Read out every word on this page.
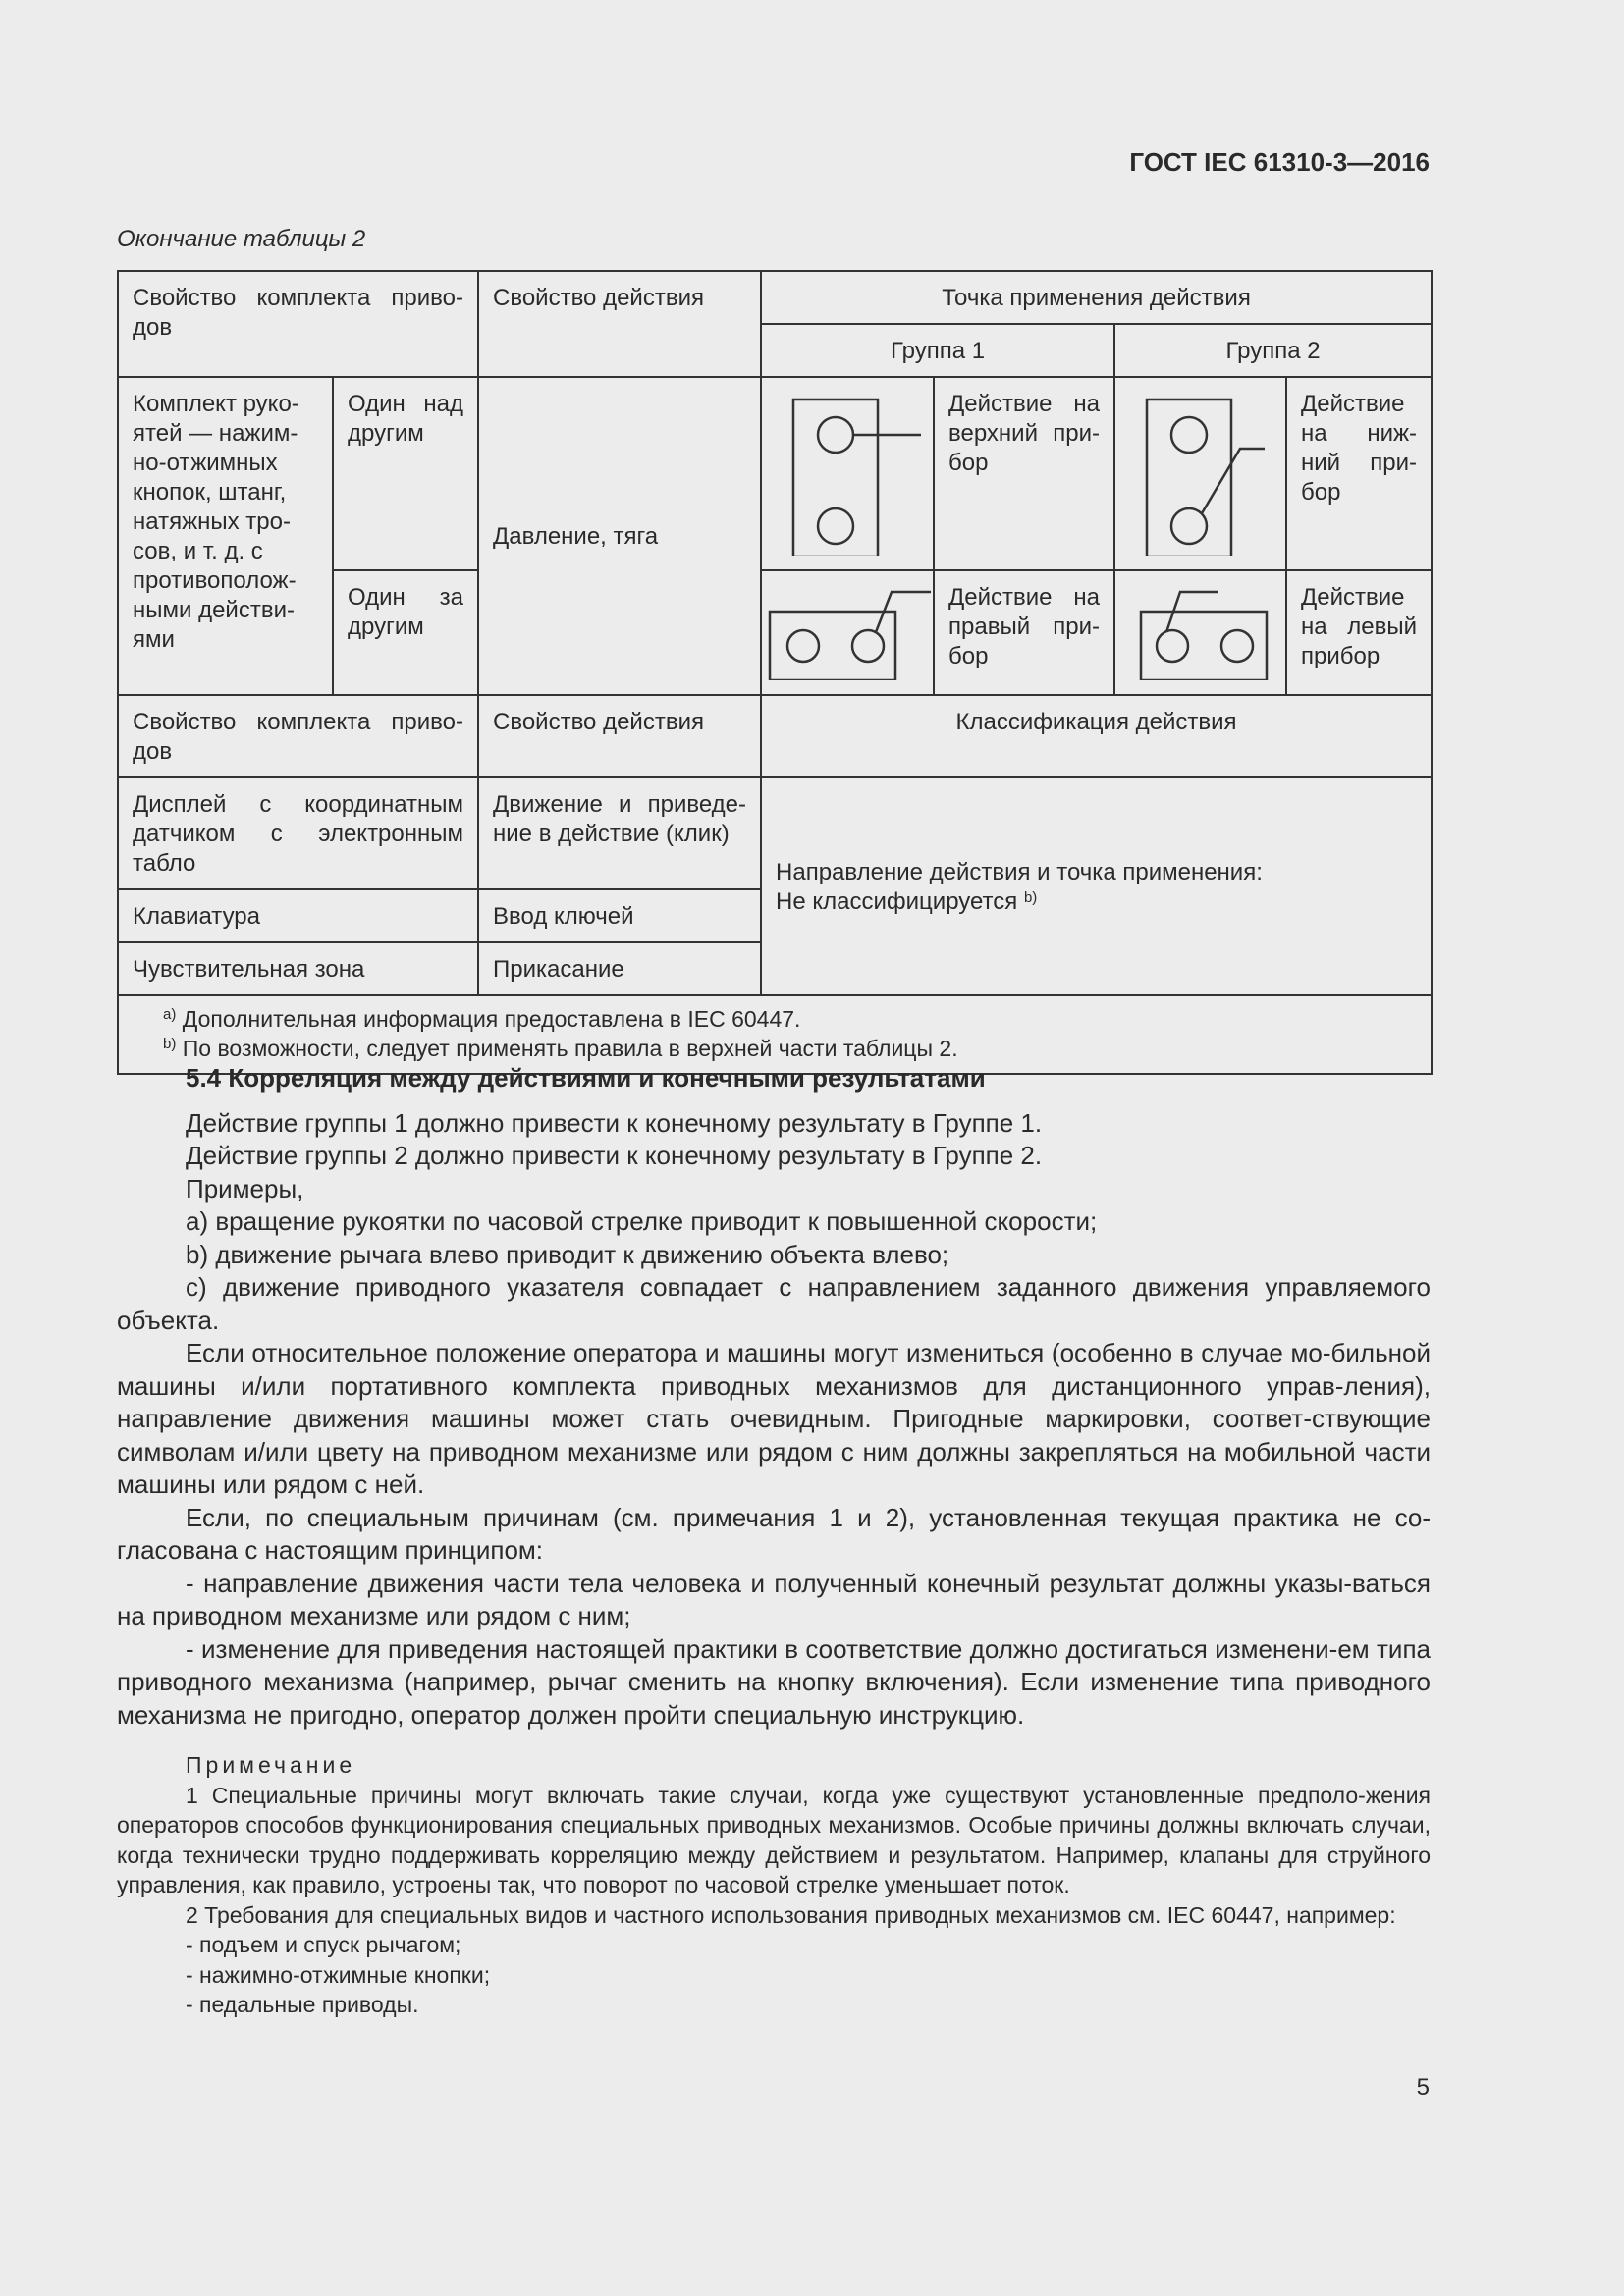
ГОСТ IEC 61310-3—2016
Окончание таблицы 2
Свойство комплекта приво-дов		Свойство действия	Точка применения действия			
			Группа 1		Группа 2	
Комплект руко-ятей — нажим-но-отжимных кнопок, штанг, натяжных тро-сов, и т. д. с противополож-ными действи-ями	Один над другим	Давление, тяга		Действие на верхний при-бор		Действие на ниж-ний при-бор
	Один за другим			Действие на правый при-бор		Действие на левый прибор
Свойство комплекта приво-дов		Свойство действия	Классификация действия			
Дисплей с координатным датчиком с электронным табло		Движение и приведе-ние в действие (клик)	Направление действия и точка применения:
Не классифицируется $^{b)}$
Клавиатура		Ввод ключей				
Чувствительная зона		Прикасание				

$^{a)}$ Дополнительная информация предоставлена в IEC 60447.
$^{b)}$ По возможности, следует применять правила в верхней части таблицы 2.						

5.4 Корреляция между действиями и конечными результатами

Действие группы 1 должно привести к конечному результату в Группе 1.

Действие группы 2 должно привести к конечному результату в Группе 2.

Примеры,

а) вращение рукоятки по часовой стрелке приводит к повышенной скорости;

b) движение рычага влево приводит к движению объекта влево;

с) движение приводного указателя совпадает с направлением заданного движения управляемого объекта.

Если относительное положение оператора и машины могут измениться (особенно в случае мо-бильной машины и/или портативного комплекта приводных механизмов для дистанционного управ-ления), направление движения машины может стать очевидным. Пригодные маркировки, соответ-ствующие символам и/или цвету на приводном механизме или рядом с ним должны закрепляться на мобильной части машины или рядом с ней.

Если, по специальным причинам (см. примечания 1 и 2), установленная текущая практика не со-гласована с настоящим принципом:

- направление движения части тела человека и полученный конечный результат должны указы-ваться на приводном механизме или рядом с ним;

- изменение для приведения настоящей практики в соответствие должно достигаться изменени-ем типа приводного механизма (например, рычаг сменить на кнопку включения). Если изменение типа приводного механизма не пригодно, оператор должен пройти специальную инструкцию.

Примечание

1 Специальные причины могут включать такие случаи, когда уже существуют установленные предполо-жения операторов способов функционирования специальных приводных механизмов. Особые причины должны включать случаи, когда технически трудно поддерживать корреляцию между действием и результатом. Например, клапаны для струйного управления, как правило, устроены так, что поворот по часовой стрелке уменьшает поток.

2 Требования для специальных видов и частного использования приводных механизмов см. IEC 60447, например:

- подъем и спуск рычагом;

- нажимно-отжимные кнопки;

- педальные приводы.

5
